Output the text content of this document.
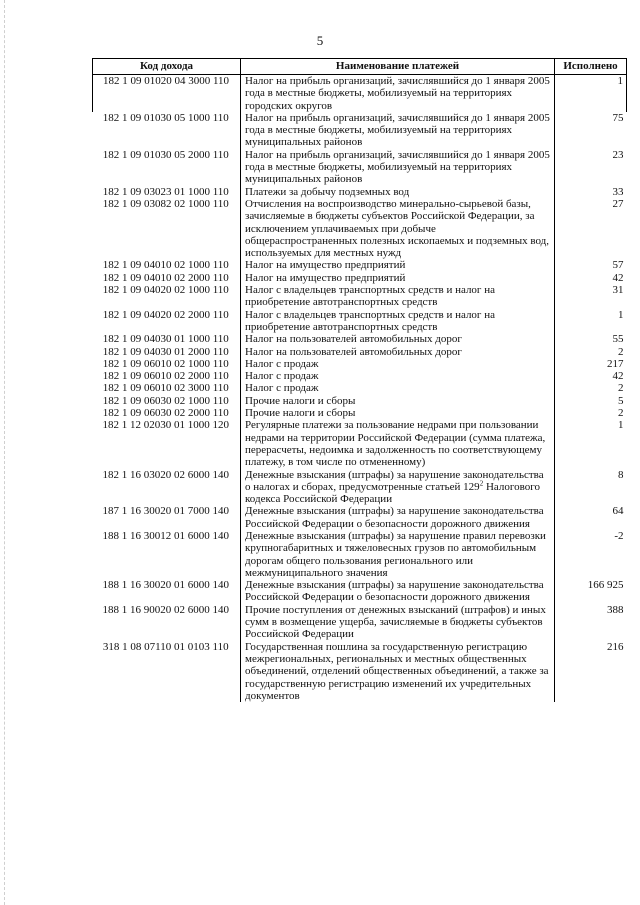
5
Код дохода	Наименование платежей	Исполнено
182 1 09 01020 04 3000 110	Налог на прибыль организаций, зачислявшийся до 1 января 2005 года в местные бюджеты, мобилизуемый на территориях городских округов	1
182 1 09 01030 05 1000 110	Налог на прибыль организаций, зачислявшийся до 1 января 2005 года в местные бюджеты, мобилизуемый на территориях муниципальных районов	75
182 1 09 01030 05 2000 110	Налог на прибыль организаций, зачислявшийся до 1 января 2005 года в местные бюджеты, мобилизуемый на территориях муниципальных районов	23
182 1 09 03023 01 1000 110	Платежи за добычу подземных вод	33
182 1 09 03082 02 1000 110	Отчисления на воспроизводство минерально-сырьевой базы, зачисляемые в бюджеты субъектов Российской Федерации, за исключением уплачиваемых при добыче общераспространенных полезных ископаемых и подземных вод, используемых для местных нужд	27
182 1 09 04010 02 1000 110	Налог на имущество предприятий	57
182 1 09 04010 02 2000 110	Налог на имущество предприятий	42
182 1 09 04020 02 1000 110	Налог с владельцев транспортных средств и налог на приобретение автотранспортных средств	31
182 1 09 04020 02 2000 110	Налог с владельцев транспортных средств и налог на приобретение автотранспортных средств	1
182 1 09 04030 01 1000 110	Налог на пользователей автомобильных дорог	55
182 1 09 04030 01 2000 110	Налог на пользователей автомобильных дорог	2
182 1 09 06010 02 1000 110	Налог с продаж	217
182 1 09 06010 02 2000 110	Налог с продаж	42
182 1 09 06010 02 3000 110	Налог с продаж	2
182 1 09 06030 02 1000 110	Прочие налоги и сборы	5
182 1 09 06030 02 2000 110	Прочие налоги и сборы	2
182 1 12 02030 01 1000 120	Регулярные платежи за пользование недрами при пользовании недрами на территории Российской Федерации (сумма платежа, перерасчеты, недоимка и задолженность по соответствующему платежу, в том числе по отмененному)	1
182 1 16 03020 02 6000 140	Денежные взыскания (штрафы) за нарушение законодательства о налогах и сборах, предусмотренные статьей $129^2$ Налогового кодекса Российской Федерации	8
187 1 16 30020 01 7000 140	Денежные взыскания (штрафы) за нарушение законодательства Российской Федерации о безопасности дорожного движения	64
188 1 16 30012 01 6000 140	Денежные взыскания (штрафы) за нарушение правил перевозки крупногабаритных и тяжеловесных грузов по автомобильным дорогам общего пользования регионального или межмуниципального значения	-2
188 1 16 30020 01 6000 140	Денежные взыскания (штрафы) за нарушение законодательства Российской Федерации о безопасности дорожного движения	166 925
188 1 16 90020 02 6000 140	Прочие поступления от денежных взысканий (штрафов) и иных сумм в возмещение ущерба, зачисляемые в бюджеты субъектов Российской Федерации	388
318 1 08 07110 01 0103 110	Государственная пошлина за государственную регистрацию межрегиональных, региональных и местных общественных объединений, отделений общественных объединений, а также за государственную регистрацию изменений их учредительных документов	216
